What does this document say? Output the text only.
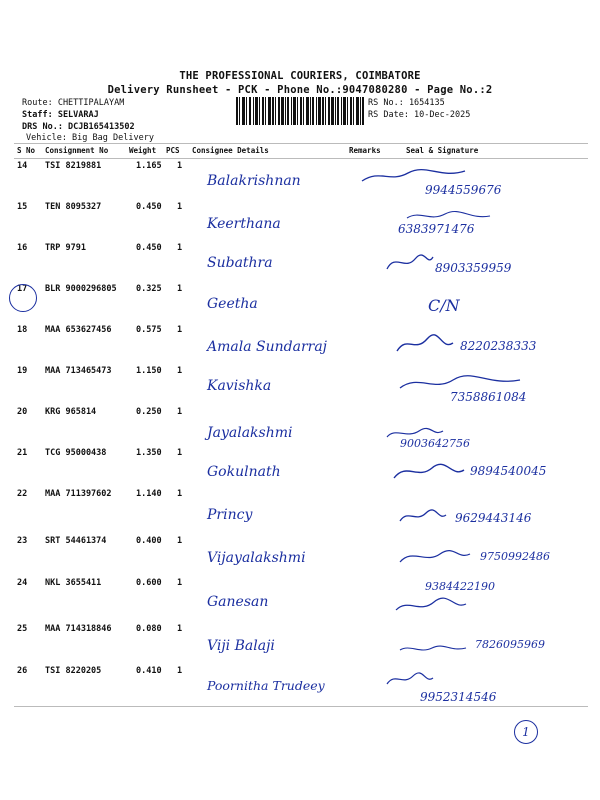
THE PROFESSIONAL COURIERS, COIMBATORE
Delivery Runsheet - PCK - Phone No.:9047080280 - Page No.:2
Route: CHETTIPALAYAM
Staff: SELVARAJ
DRS No.: DCJB165413502
Vehicle: Big Bag Delivery
RS No.: 1654135
RS Date: 10-Dec-2025
S No Consignment No	Weight PCS Consignee Details	Remarks	Seal & Signature
14 TSI 8219881	1.165 1
Balakrishnan
9944559676
15 TEN 8095327	0.450 1
Keerthana	6383971476
16 TRP 9791	0.450 1
Subathra	8903359959
17 BLR 9000296805 0.325 1
Geetha	C/N
18 MAA 653627456	0.575 1
Amala Sundarraj	8220238333
19 MAA 713465473	1.150 1
Kavishka
7358861084
20 KRG 965814	0.250 1
Jayalakshmi
9003642756
21 TCG 95000438	1.350 1
Gokulnath	9894540045
22 MAA 711397602	1.140 1
Princy	9629443146
23 SRT 54461374	0.400 1
Vijayalakshmi	9750992486
24 NKL 3655411	0.600 1
Ganesan
9384422190
25 MAA 714318846	0.080 1
Viji Balaji	7826095969
26 TSI 8220205	0.410 1
Poornitha Trudeey
9952314546
1
